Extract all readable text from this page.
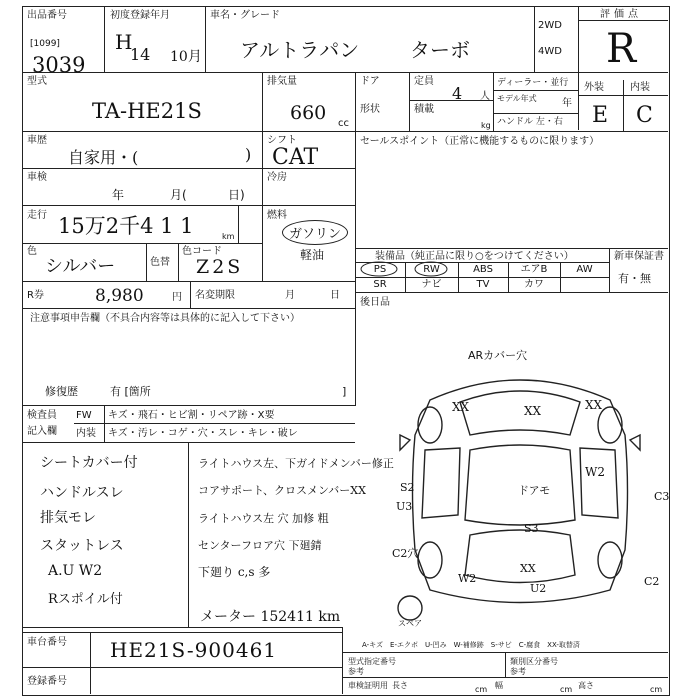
出品番号
[1099]
3039
初度登録年月
H
14 10月
車名・グレード
アルトラパン	ターボ
2WD
4WD
評価点
R
型式
TA-HE21S
排気量
660 cc
ドア	定員
4 人
形状	積載
kg
ディーラー・並行
モデル年式	年
ハンドル 左・右
外装	内装
E C
車歴
自家用・(	)
シフト
CAT
車検
年	月(	日)
冷房
走行 15万2千4 1 1	km
燃料
ガソリン
軽油
色
シルバー	色替
色コード
Z2S
R券	8,980	円 名変期限	月	日
セールスポイント（正常に機能するものに限ります）
装備品（純正品に限り○をつけてください）	新車保証書
有・無
PS	RW	ABS	エアB	AW
SR	ナビ	TV	カワ
後日品
注意事項申告欄（不具合内容等は具体的に記入して下さい）
修復歴	有 [箇所	]
検査員
記入欄
FW キズ・飛石・ヒビ割・リペア跡・X要
内装 キズ・汚レ・コゲ・穴・スレ・キレ・破レ
シートカバー付
ハンドルスレ
排気モレ
スタットレス
A.U W2
Rスポイル付
ライトハウス左、下ガイドメンバー修正
コアサポート、クロスメンバーXX
ライトハウス左 穴 加修 粗
センターフロア穴 下廻錆
下廻り c,s 多
メーター 152411 km
ARカバー穴
XX	XX	XX
W2
S2
U3
ドアモ	C3
S3
C2穴
W2
U2
XX
C2
スペア
車台番号 HE21S-900461
登録番号
A-キズ　E-エクボ　U-凹み　W-補修跡　S-サビ　C-腐食　XX-取替済
型式指定番号
参考
類別区分番号
参考
車検証明用 長さ	cm 幅	cm 高さ	cm
